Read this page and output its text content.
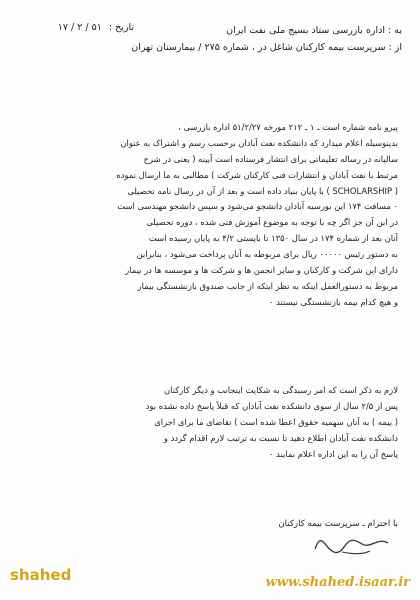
به : اداره بازرسی ستاد بسیج ملی نفت ایران
از : سرپرست بیمه کارکنان شاغل در ، شماره ۲۷۵ / بیمارستان تهران
تاریخ : ۵۱ / ۲ / ۱۷
پیرو نامه شماره است ـ ۱ ـ ۲۱۲ مورخه ۵۱/۲/۲۷ اداره بازرسی ،
بدینوسیله اعلام میدارد که دانشکده نفت آبادان برحسب رسم و اشتراک به عنوان
سالیانه در رساله تعلیماتی برای انتشار فرستاده است آیینه ( یعنی در شرح
مرتبط با نفت آبادان و انتشارات فنی کارکنان شرکت ) مطالبی به ما ارسال نموده
( SCHOLARSHIP ) با پایان بنیاد داده است و بعد از آن در رسال نامه تحصیلی
۰ مسافت ۱۷۴ این بورسیه آبادان دانشجو می‌شود و سپس دانشجو مهندسی است
در این آن جز اگر چه با توجه به موضوع آموزش فنی شده ، دوره تحصیلی
آنان بعد از شماره ۱۷۴ در سال ۱۳۵۰ تا بایستی ۴/۲ به پایان رسیده است
به دستور رئیس ۰۰۰۰۰ ریال برای مربوطه به آنان پرداخت می‌شود ، بنابراین
دارای این شرکت و کارکنان و سایر انجمن ها و شرکت ها و موسسه ها در بیمار
مربوط به دستورالعمل اینکه به نظر اینکه از جانب صندوق بازنشستگی بیمار
و هیچ کدام بیمه بازنشستگی نیستند ۰
لازم به ذکر است که امر رسیدگی به شکایت اینجانب و دیگر کارکنان
پس از ۲/۵ سال از سوی دانشکده نفت آبادان که قبلاً پاسخ داده نشده بود
( بیمه ) به آنان سهمیه حقوق اعطا شده است ) تقاضای ما برای اجرای
دانشکده نفت آبادان اطلاع دهید تا نسبت به ترتیب لازم اقدام گردد و
پاسخ آن را به این اداره اعلام نمایند ۰
با احترام ـ سرپرست بیمه کارکنان
shahed	www.shahed.isaar.ir
